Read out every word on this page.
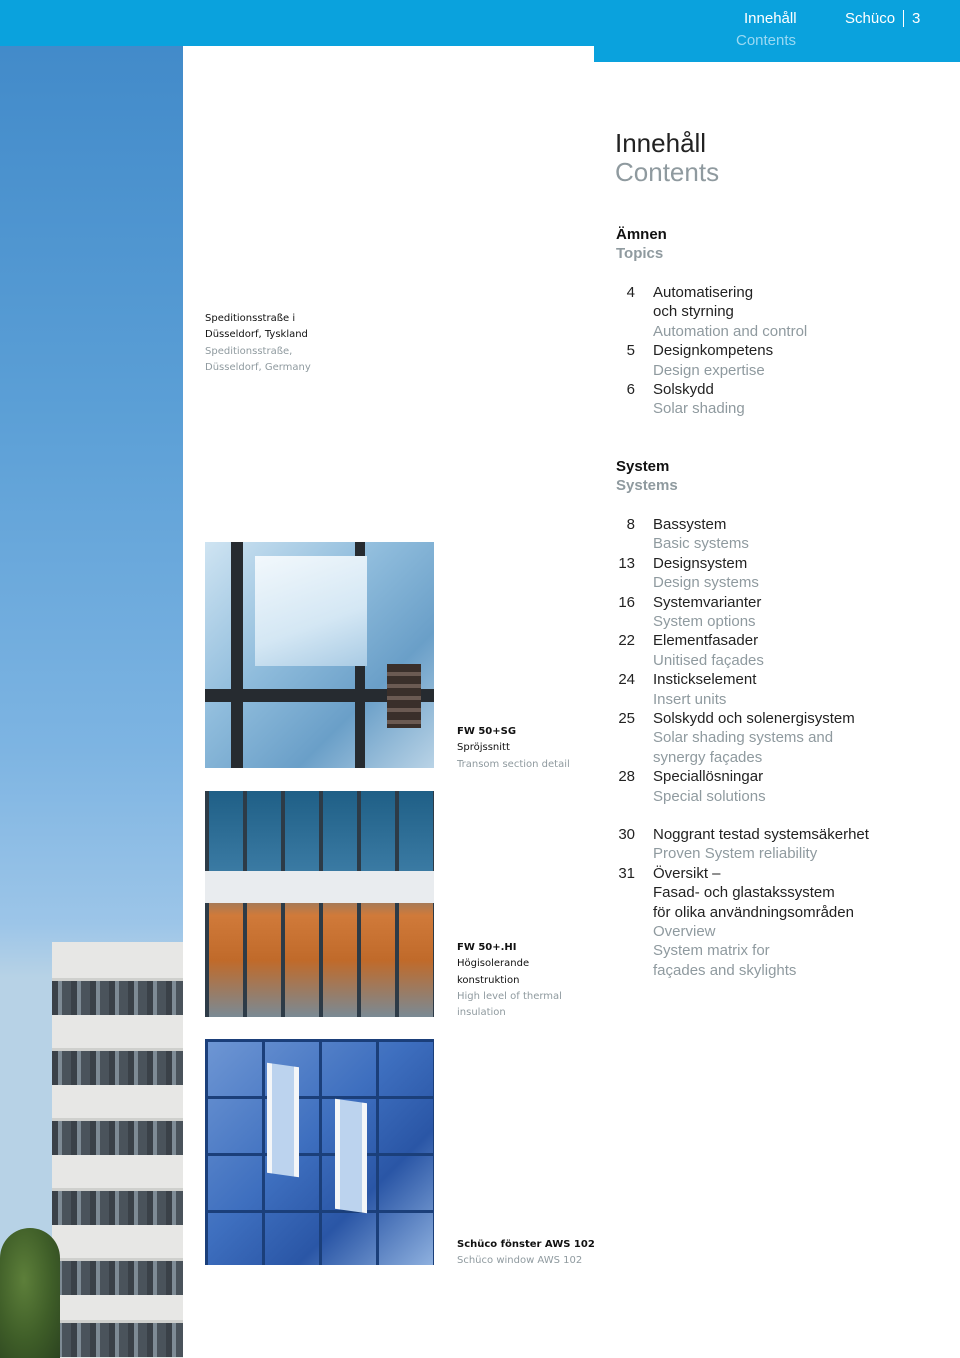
Innehåll
Contents
Schüco 3
Innehåll
Contents
Ämnen
Topics
4 Automatisering
och styrning
Automation and control
5 Designkompetens
Design expertise
6 Solskydd
Solar shading
System
Systems
8 Bassystem
Basic systems
13 Designsystem
Design systems
16 Systemvarianter
System options
22 Elementfasader
Unitised façades
24 Instickselement
Insert units
25 Solskydd och solenergisystem
Solar shading systems and
synergy façades
28 Speciallösningar
Special solutions
30 Noggrant testad systemsäkerhet
Proven System reliability
31 Översikt –
Fasad- och glastakssystem
för olika användningsområden
Overview
System matrix for
façades and skylights
Speditionsstraße i
Düsseldorf, Tyskland
Speditionsstraße,
Düsseldorf, Germany
FW 50+SG
Spröjssnitt
Transom section detail
FW 50+.HI
Högisolerande
konstruktion
High level of thermal
insulation
Schüco fönster AWS 102
Schüco window AWS 102
